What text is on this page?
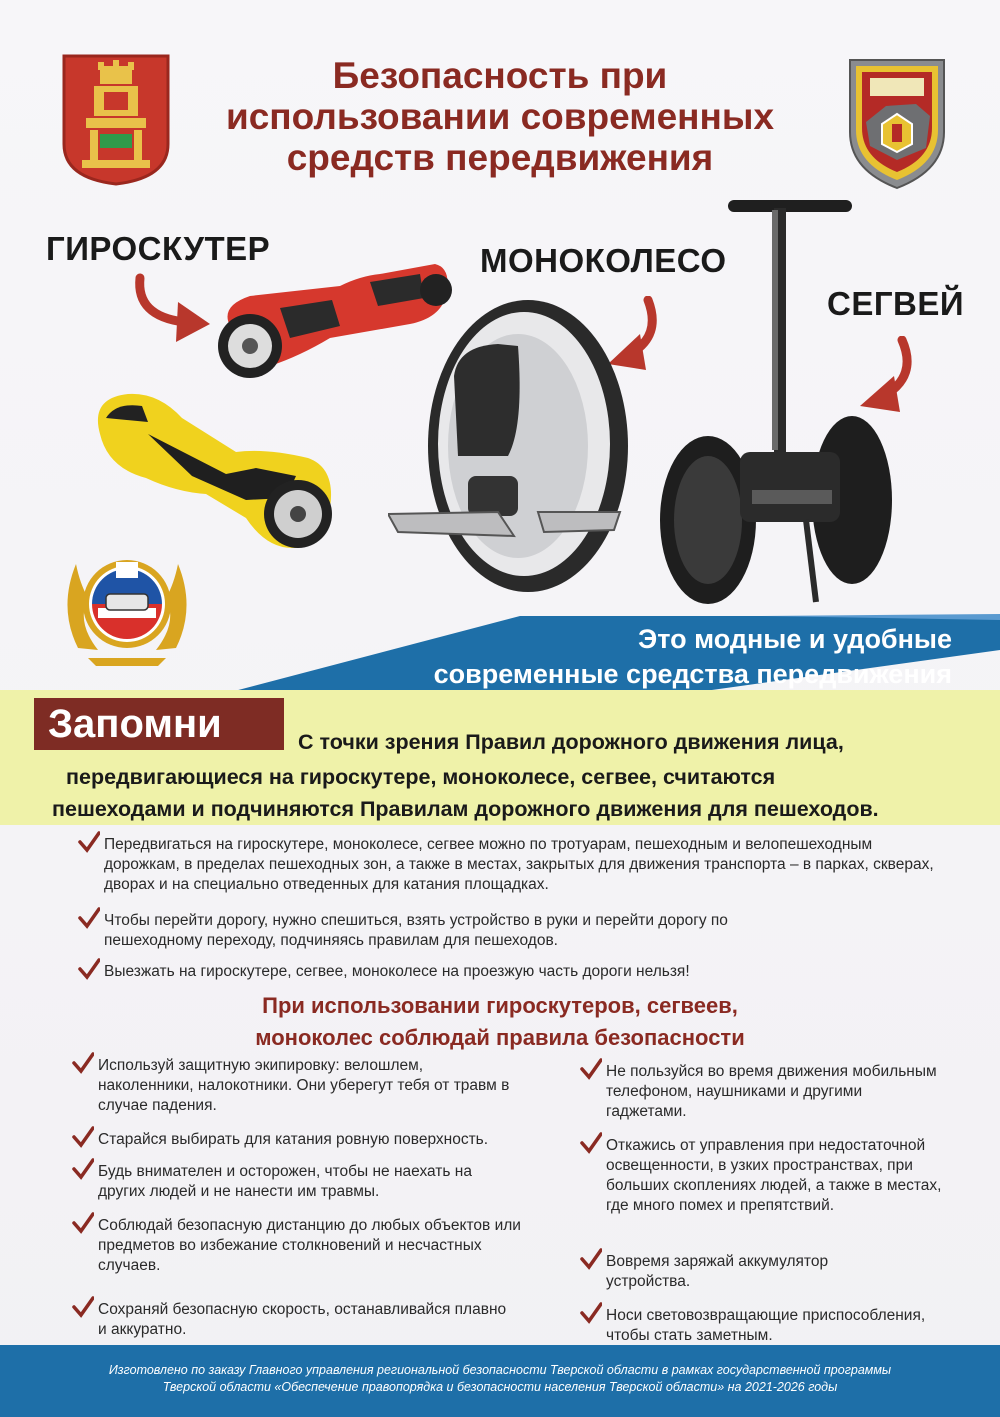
Безопасность при использовании современных средств передвижения
ГИРОСКУТЕР	МОНОКОЛЕСО
СЕГВЕЙ
Это модные и удобные
современные средства передвижения
Запомни	С точки зрения Правил дорожного движения лица,
передвигающиеся на гироскутере, моноколесе, сегвее, считаются
пешеходами и подчиняются Правилам дорожного движения для пешеходов.
Передвигаться на гироскутере, моноколесе, сегвее можно по тротуарам, пешеходным и велопешеходным дорожкам, в пределах пешеходных зон, а также в местах, закрытых для движения транспорта – в парках, скверах, дворах и на специально отведенных для катания площадках.
Чтобы перейти дорогу, нужно спешиться, взять устройство в руки и перейти дорогу по пешеходному переходу, подчиняясь правилам для пешеходов.
Выезжать на гироскутере, сегвее, моноколесе на проезжую часть дороги нельзя!
При использовании гироскутеров, сегвеев,
моноколес соблюдай правила безопасности
Используй защитную экипировку: велошлем, наколенники, налокотники. Они уберегут тебя от травм в случае падения.
Старайся выбирать для катания ровную поверхность.
Будь внимателен и осторожен, чтобы не наехать на других людей и не нанести им травмы.
Соблюдай безопасную дистанцию до любых объектов или предметов во избежание столкновений и несчастных случаев.
Сохраняй безопасную скорость, останавливайся плавно и аккуратно.
Не пользуйся во время движения мобильным телефоном, наушниками и другими гаджетами.
Откажись от управления при недостаточной освещенности, в узких пространствах, при больших скоплениях людей, а также в местах, где много помех и препятствий.
Вовремя заряжай аккумулятор устройства.
Носи световозвращающие приспособления, чтобы стать заметным.
Изготовлено по заказу Главного управления региональной безопасности Тверской области в рамках государственной программы
Тверской области «Обеспечение правопорядка и безопасности населения Тверской области» на 2021-2026 годы
